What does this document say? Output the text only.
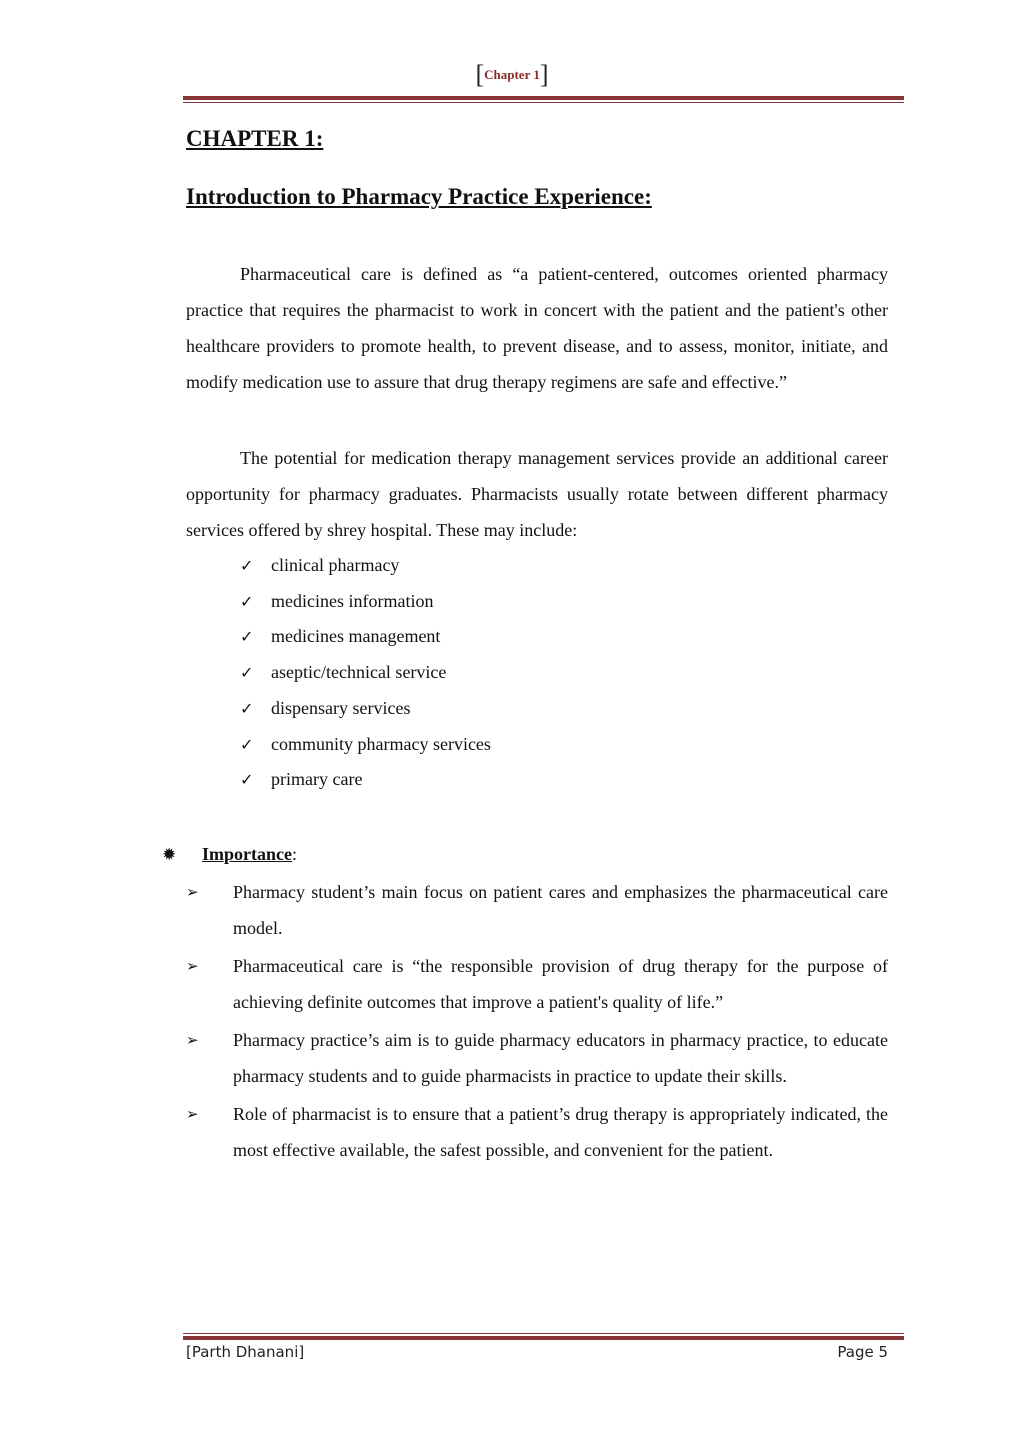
[Chapter 1]
CHAPTER 1:
Introduction to Pharmacy Practice Experience:

Pharmaceutical care is defined as “a patient-centered, outcomes oriented pharmacy practice that requires the pharmacist to work in concert with the patient and the patient's other healthcare providers to promote health, to prevent disease, and to assess, monitor, initiate, and modify medication use to assure that drug therapy regimens are safe and effective.”

The potential for medication therapy management services provide an additional career opportunity for pharmacy graduates. Pharmacists usually rotate between different pharmacy services offered by shrey hospital. These may include:

✓ clinical pharmacy
✓ medicines information
✓ medicines management
✓ aseptic/technical service
✓ dispensary services
✓ community pharmacy services
✓ primary care
✹	Importance :
➢	Pharmacy student’s main focus on patient cares and emphasizes the pharmaceutical care model.
➢	Pharmaceutical care is “the responsible provision of drug therapy for the purpose of achieving definite outcomes that improve a patient's quality of life.”
➢	Pharmacy practice’s aim is to guide pharmacy educators in pharmacy practice, to educate pharmacy students and to guide pharmacists in practice to update their skills.
➢	Role of pharmacist is to ensure that a patient’s drug therapy is appropriately indicated, the most effective available, the safest possible, and convenient for the patient.
[Parth Dhanani]	Page 5
